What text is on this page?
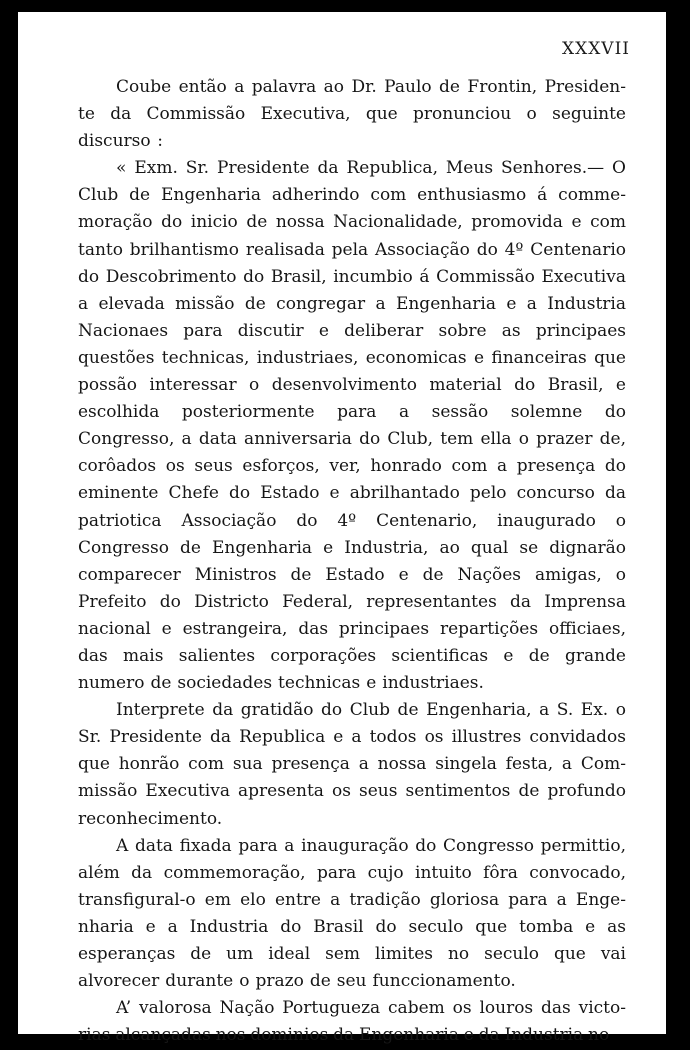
XXXVII

Coube então a palavra ao Dr. Paulo de Frontin, Presidente da Commissão Executiva, que pronunciou o seguinte discurso :

« Exm. Sr. Presidente da Republica, Meus Senhores.— O Club de Engenharia adherindo com enthusiasmo á commemoração do inicio de nossa Nacionalidade, promovida e com tanto brilhantismo realisada pela Associação do 4º Centenario do Descobrimento do Brasil, incumbio á Commissão Executiva a elevada missão de congregar a Engenharia e a Industria Nacionaes para discutir e deliberar sobre as principaes questões technicas, industriaes, economicas e financeiras que possão interessar o desenvolvimento material do Brasil, e escolhida posteriormente para a sessão solemne do Congresso, a data anniversaria do Club, tem ella o prazer de, corôados os seus esforços, ver, honrado com a presença do eminente Chefe do Estado e abrilhantado pelo concurso da patriotica Associação do 4º Centenario, inaugurado o Congresso de Engenharia e Industria, ao qual se dignarão comparecer Ministros de Estado e de Nações amigas, o Prefeito do Districto Federal, representantes da Imprensa nacional e estrangeira, das principaes repartições officiaes, das mais salientes corporações scientificas e de grande numero de sociedades technicas e industriaes.

Interprete da gratidão do Club de Engenharia, a S. Ex. o Sr. Presidente da Republica e a todos os illustres convidados que honrão com sua presença a nossa singela festa, a Commissão Executiva apresenta os seus sentimentos de profundo reconhecimento.

A data fixada para a inauguração do Congresso permittio, além da commemoração, para cujo intuito fôra convocado, transfigural-o em elo entre a tradição gloriosa para a Engenharia e a Industria do Brasil do seculo que tomba e as esperanças de um ideal sem limites no seculo que vai alvorecer durante o prazo de seu funccionamento.

A’ valorosa Nação Portugueza cabem os louros das victorias alcançadas nos dominios da Engenharia e da Industria no
